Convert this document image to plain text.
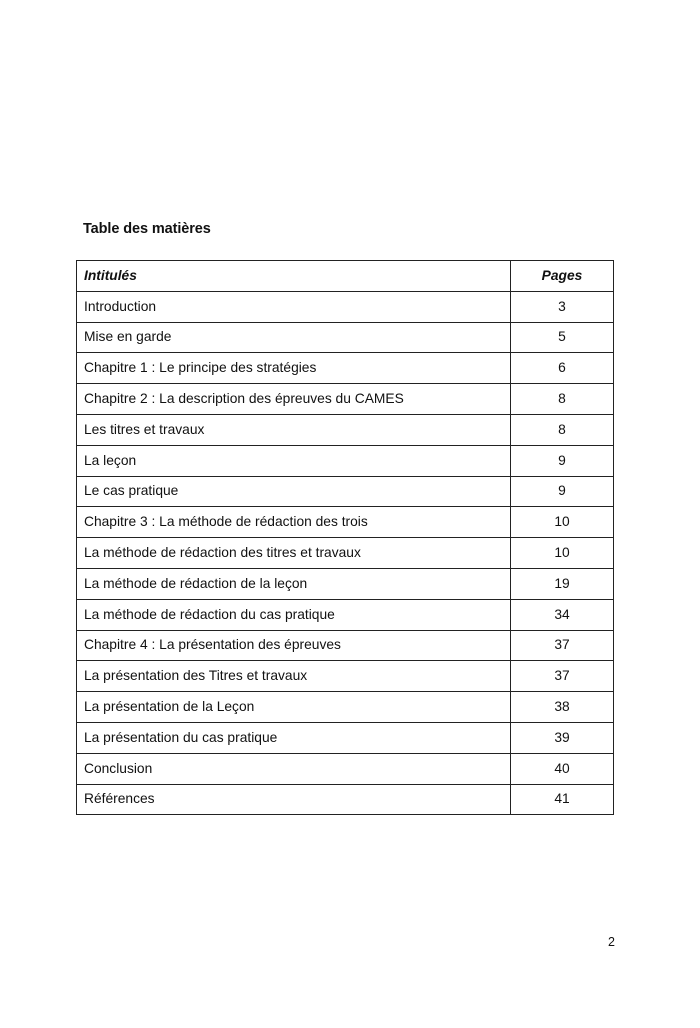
Table des matières
Intitulés	Pages
Introduction	3
Mise en garde	5
Chapitre 1 : Le principe des stratégies	6
Chapitre 2 : La description des épreuves du CAMES	8
Les titres et travaux	8
La leçon	9
Le cas pratique	9
Chapitre 3 : La méthode de rédaction des trois	10
La méthode de rédaction des titres et travaux	10
La méthode de rédaction de la leçon	19
La méthode de rédaction du cas pratique	34
Chapitre 4 : La présentation des épreuves	37
La présentation des Titres et travaux	37
La présentation de la Leçon	38
La présentation du cas pratique	39
Conclusion	40
Références	41
2
